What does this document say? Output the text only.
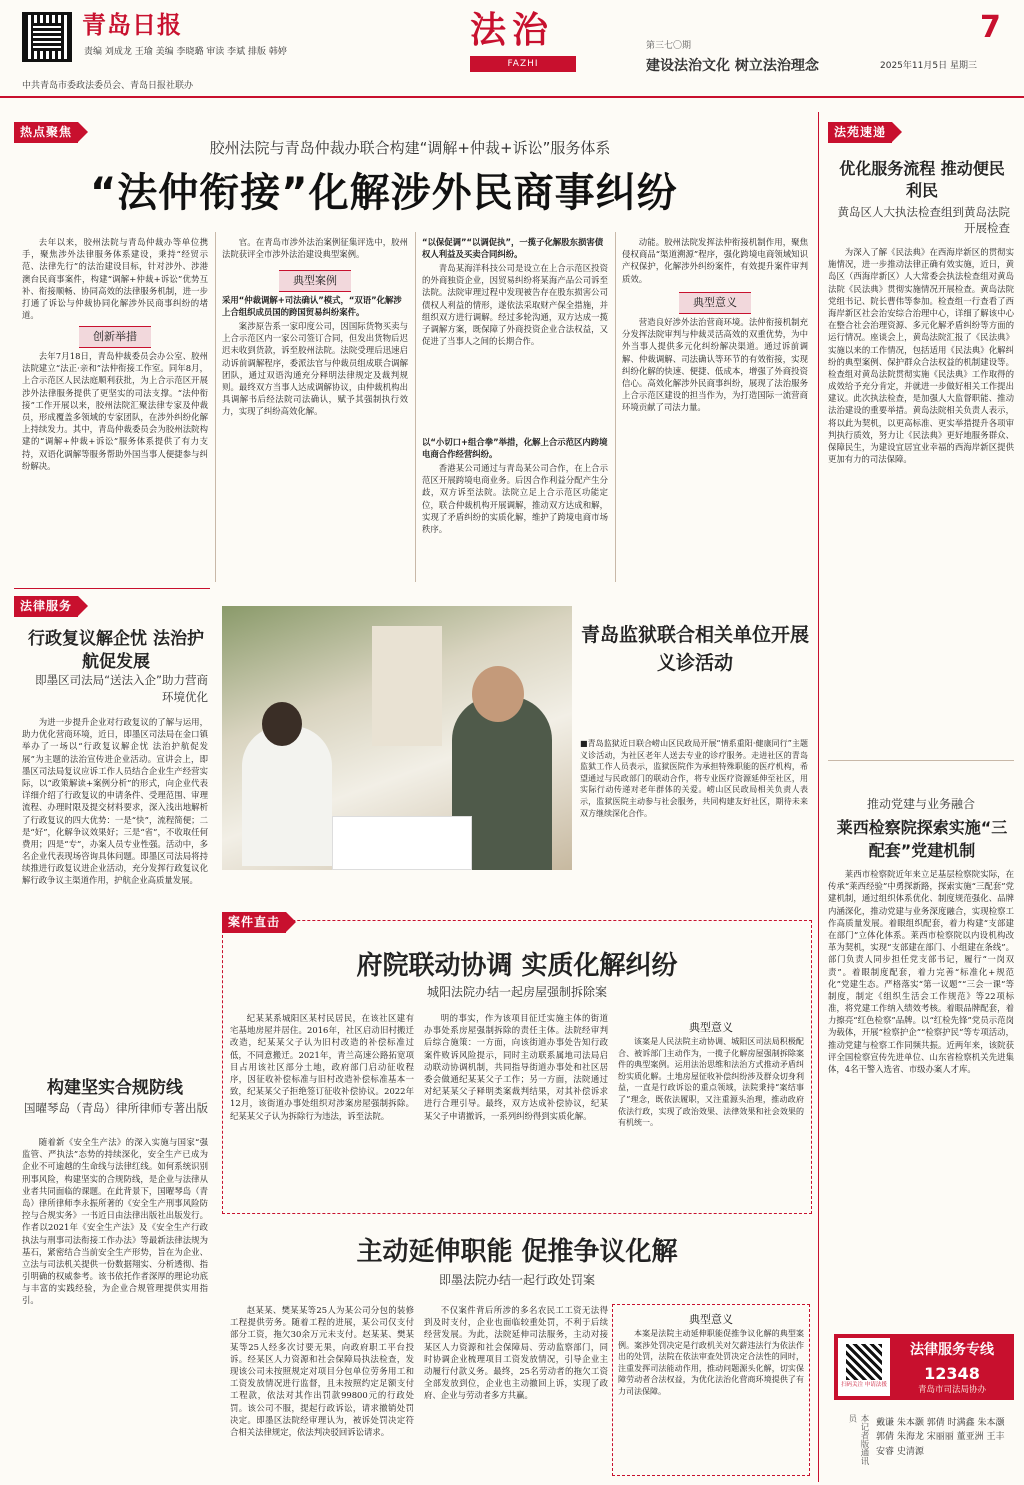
青岛日报
责编 刘成龙 王瑜 美编 李晓璐 审读 李斌 排版 韩婷
法治
FAZHI
7
第三七〇期
建设法治文化 树立法治理念	2025年11月5日 星期三
中共青岛市委政法委员会、青岛日报社联办
热点聚焦
胶州法院与青岛仲裁办联合构建“调解+仲裁+诉讼”服务体系
“法仲衔接”化解涉外民商事纠纷

去年以来，胶州法院与青岛仲裁办等单位携手，聚焦涉外法律服务体系建设，秉持“经贸示范、法律先行”的法治建设目标，针对涉外、涉港澳台民商事案件，构建“调解+仲裁+诉讼”优势互补、衔接顺畅、协同高效的法律服务机制，进一步打通了诉讼与仲裁协同化解涉外民商事纠纷的堵道。

创新举措

去年7月18日，青岛仲裁委员会办公室、胶州法院建立“法正·亲和”法仲衔接工作室。同年8月，上合示范区人民法庭顺利获批，为上合示范区开展涉外法律服务提供了更坚实的司法支撑。“法仲衔接”工作开展以来，胶州法院汇聚法律专家及仲裁员，形成覆盖多领域的专家团队，在涉外纠纷化解上持续发力。其中，青岛仲裁委员会为胶州法院构建的“调解+仲裁+诉讼”服务体系提供了有力支持，双语化调解等服务帮助外国当事人便捷参与纠纷解决。

官。在青岛市涉外法治案例征集评选中，胶州法院获评全市涉外法治建设典型案例。

典型案例
采用“仲裁调解+司法确认”模式，“双语”化解涉上合组织成员国的跨国贸易纠纷案件。

案涉原告系一家印度公司，因国际货物买卖与上合示范区内一家公司签订合同，但发出货物后迟迟未收到货款，诉至胶州法院。法院受理后迅速启动诉前调解程序，委派法官与仲裁员组成联合调解团队，通过双语沟通充分释明法律规定及裁判规则。最终双方当事人达成调解协议，由仲裁机构出具调解书后经法院司法确认，赋予其强制执行效力，实现了纠纷高效化解。

“以保促调”“以调促执”，一揽子化解股东损害债权人利益及买卖合同纠纷。

青岛某海洋科技公司是设立在上合示范区投资的外商独资企业，因贸易纠纷将某海产品公司诉至法院。法院审理过程中发现被告存在股东损害公司债权人利益的情形，遂依法采取财产保全措施，并组织双方进行调解。经过多轮沟通，双方达成一揽子调解方案，既保障了外商投资企业合法权益，又促进了当事人之间的长期合作。

以“小切口+组合拳”举措，化解上合示范区内跨境电商合作经营纠纷。

香港某公司通过与青岛某公司合作，在上合示范区开展跨境电商业务。后因合作利益分配产生分歧，双方诉至法院。法院立足上合示范区功能定位，联合仲裁机构开展调解，推动双方达成和解，实现了矛盾纠纷的实质化解，维护了跨境电商市场秩序。

动能。胶州法院发挥法仲衔接机制作用，聚焦侵权商品“渠道溯源”程序，强化跨境电商领域知识产权保护，化解涉外纠纷案件，有效提升案件审判质效。

典型意义

营造良好涉外法治营商环境。法仲衔接机制充分发挥法院审判与仲裁灵活高效的双重优势，为中外当事人提供多元化纠纷解决渠道。通过诉前调解、仲裁调解、司法确认等环节的有效衔接，实现纠纷化解的快速、便捷、低成本，增强了外商投资信心。高效化解涉外民商事纠纷，展现了法治服务上合示范区建设的担当作为，为打造国际一流营商环境贡献了司法力量。

法律服务
行政复议解企忧 法治护航促发展
即墨区司法局“送法入企”助力营商环境优化

为进一步提升企业对行政复议的了解与运用，助力优化营商环境，近日，即墨区司法局在金口镇举办了一场以“行政复议解企忧 法治护航促发展”为主题的法治宣传进企业活动。宣讲会上，即墨区司法局复议应诉工作人员结合企业生产经营实际，以“政策解读+案例分析”的形式，向企业代表详细介绍了行政复议的申请条件、受理范围、审理流程、办理时限及提交材料要求，深入浅出地解析了行政复议的四大优势：一是“快”，流程简便；二是“好”，化解争议效果好；三是“省”，不收取任何费用；四是“专”，办案人员专业性强。活动中，多名企业代表现场咨询具体问题。即墨区司法局将持续推进行政复议进企业活动，充分发挥行政复议化解行政争议主渠道作用，护航企业高质量发展。

构建坚实合规防线
国曜琴岛（青岛）律所律师专著出版

随着新《安全生产法》的深入实施与国家“强监管、严执法”态势的持续深化，安全生产已成为企业不可逾越的生命线与法律红线。如何系统识别刑事风险，构建坚实的合规防线，是企业与法律从业者共同面临的课题。在此背景下，国曜琴岛（青岛）律所律师李永振所著的《安全生产刑事风险防控与合规实务》一书近日由法律出版社出版发行。作者以2021年《安全生产法》及《安全生产行政执法与刑事司法衔接工作办法》等最新法律法规为基石，紧密结合当前安全生产形势，旨在为企业、立法与司法机关提供一份数据翔实、分析透彻、指引明确的权威参考。该书依托作者深厚的理论功底与丰富的实践经验，为企业合规管理提供实用指引。

青岛监狱联合相关单位开展义诊活动
■青岛监狱近日联合崂山区民政局开展“情系重阳·健康同行”主题义诊活动，为社区老年人送去专业的诊疗服务。走进社区的青岛监狱工作人员表示，监狱医院作为承担特殊职能的医疗机构，希望通过与民政部门的联动合作，将专业医疗资源延伸至社区，用实际行动传递对老年群体的关爱。崂山区民政局相关负责人表示，监狱医院主动参与社会服务，共同构建友好社区，期待未来双方继续深化合作。
案件直击
府院联动协调 实质化解纠纷
城阳法院办结一起房屋强制拆除案

纪某某系城阳区某村民居民，在该社区建有宅基地房屋并居住。2016年，社区启动旧村搬迁改造，纪某某父子认为旧村改造的补偿标准过低，不同意搬迁。2021年，青兰高速公路拓宽项目占用该社区部分土地，政府部门启动征收程序，因征收补偿标准与旧村改造补偿标准基本一致，纪某某父子拒绝签订征收补偿协议。2022年12月，该街道办事处组织对涉案房屋强制拆除。纪某某父子认为拆除行为违法，诉至法院。

明的事实，作为该项目征迁实施主体的街道办事处系房屋强制拆除的责任主体。法院经审判后综合施策：一方面，向该街道办事处告知行政案件败诉风险提示，同时主动联系属地司法局启动联动协调机制，共同指导街道办事处和社区居委会做通纪某某父子工作；另一方面，法院通过对纪某某父子释明类案裁判结果，对其补偿诉求进行合理引导。最终，双方达成补偿协议，纪某某父子申请撤诉，一系列纠纷得到实质化解。

典型意义

该案是人民法院主动协调、城阳区司法局积极配合、被诉部门主动作为，一揽子化解房屋强制拆除案件的典型案例。运用法治思维和法治方式推动矛盾纠纷实质化解。土地房屋征收补偿纠纷涉及群众切身利益，一直是行政诉讼的重点领域，法院秉持“案结事了”理念，既依法履职，又注重源头治理，推动政府依法行政，实现了政治效果、法律效果和社会效果的有机统一。

主动延伸职能 促推争议化解
即墨法院办结一起行政处罚案

赵某某、樊某某等25人为某公司分包的装修工程提供劳务。随着工程的进展，某公司仅支付部分工资，拖欠30余万元未支付。赵某某、樊某某等25人经多次讨要无果，向政府职工平台投诉。经某区人力资源和社会保障局执法检查，发现该公司未按照规定对项目分包单位劳务用工和工资发放情况进行监督，且未按照约定足额支付工程款，依法对其作出罚款99800元的行政处罚。该公司不服，提起行政诉讼，请求撤销处罚决定。即墨区法院经审理认为，被诉处罚决定符合相关法律规定，依法判决驳回诉讼请求。

不仅案件背后所涉的多名农民工工资无法得到及时支付，企业也面临较重处罚，不利于后续经营发展。为此，法院延伸司法服务，主动对接某区人力资源和社会保障局、劳动监察部门，同时协调企业梳理项目工资发放情况，引导企业主动履行付款义务。最终，25名劳动者的拖欠工资全部发放到位，企业也主动撤回上诉，实现了政府、企业与劳动者多方共赢。

典型意义

本案是法院主动延伸职能促推争议化解的典型案例。案涉处罚决定是行政机关对欠薪违法行为依法作出的处罚，法院在依法审查处罚决定合法性的同时，注重发挥司法能动作用，推动问题源头化解，切实保障劳动者合法权益，为优化法治化营商环境提供了有力司法保障。

法苑速递
优化服务流程 推动便民利民
黄岛区人大执法检查组到黄岛法院开展检查

为深入了解《民法典》在西海岸新区的贯彻实施情况，进一步推动法律正确有效实施，近日，黄岛区（西海岸新区）人大常委会执法检查组对黄岛法院《民法典》贯彻实施情况开展检查。黄岛法院党组书记、院长曹伟等参加。检查组一行查看了西海岸新区社会治安综合治理中心，详细了解该中心在整合社会治理资源、多元化解矛盾纠纷等方面的运行情况。座谈会上，黄岛法院汇报了《民法典》实施以来的工作情况，包括适用《民法典》化解纠纷的典型案例、保护群众合法权益的机制建设等。检查组对黄岛法院贯彻实施《民法典》工作取得的成效给予充分肯定，并就进一步做好相关工作提出建议。此次执法检查，是加强人大监督职能、推动法治建设的重要举措。黄岛法院相关负责人表示，将以此为契机，以更高标准、更实举措提升各项审判执行质效，努力让《民法典》更好地服务群众、保障民生，为建设宜居宜业幸福的西海岸新区提供更加有力的司法保障。

推动党建与业务融合
莱西检察院探索实施“三配套”党建机制

莱西市检察院近年来立足基层检察院实际，在传承“莱西经验”中勇探新路，探索实施“三配套”党建机制，通过组织体系优化、制度规范强化、品牌内涵深化，推动党建与业务深度融合，实现检察工作高质量发展。着眼组织配套，着力构建“支部建在部门”立体化体系。莱西市检察院以内设机构改革为契机，实现“支部建在部门、小组建在条线”。部门负责人同步担任党支部书记，履行“一岗双责”。着眼制度配套，着力完善“标准化+规范化”党建生态。严格落实“第一议题”“三会一课”等制度，制定《组织生活会工作规范》等22项标准，将党建工作纳入绩效考核。着眼品牌配套，着力擦亮“红色检察”品牌。以“红检先锋”党员示范岗为载体，开展“检察护企”“检察护民”等专项活动，推动党建与检察工作同频共振。近两年来，该院获评全国检察宣传先进单位、山东省检察机关先进集体，4名干警入选省、市级办案人才库。

扫码关注 申请法援
法律服务专线
12348
青岛市司法局协办
本记者版通讯员	戴谦 朱本灏 郭倩 时满鑫 朱本灏 郭倩 朱海龙 宋丽丽 董亚洲 王丰 安睿 史清源
